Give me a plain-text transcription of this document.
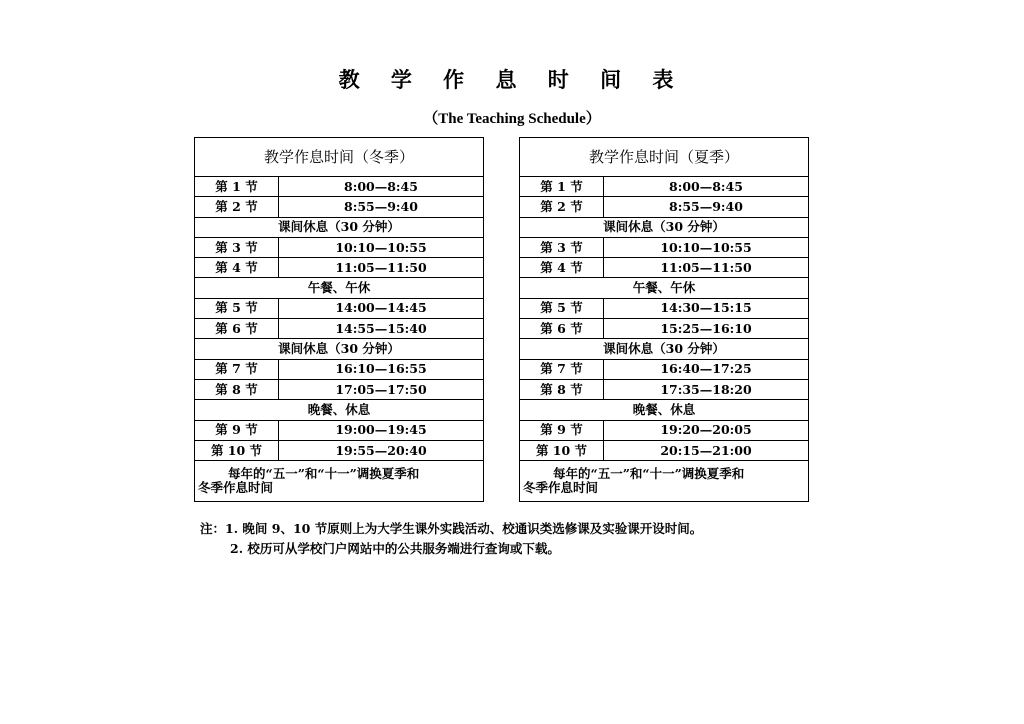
教 学 作 息 时 间 表
（The Teaching Schedule）
教学作息时间（冬季）	
第 1 节	8:00—8:45
第 2 节	8:55—9:40
课间休息（30 分钟）	
第 3 节	10:10—10:55
第 4 节	11:05—11:50
午餐、午休	
第 5 节	14:00—14:45
第 6 节	14:55—15:40
课间休息（30 分钟）	
第 7 节	16:10—16:55
第 8 节	17:05—17:50
晚餐、休息	
第 9 节	19:00—19:45
第 10 节	19:55—20:40

每年的“五一”和“十一”调换夏季和
冬季作息时间	
教学作息时间（夏季）	
第 1 节	8:00—8:45
第 2 节	8:55—9:40
课间休息（30 分钟）	
第 3 节	10:10—10:55
第 4 节	11:05—11:50
午餐、午休	
第 5 节	14:30—15:15
第 6 节	15:25—16:10
课间休息（30 分钟）	
第 7 节	16:40—17:25
第 8 节	17:35—18:20
晚餐、休息	
第 9 节	19:20—20:05
第 10 节	20:15—21:00

每年的“五一”和“十一”调换夏季和
冬季作息时间	
注：1. 晚间 9、10 节原则上为大学生课外实践活动、校通识类选修课及实验课开设时间。
2. 校历可从学校门户网站中的公共服务端进行查询或下载。
